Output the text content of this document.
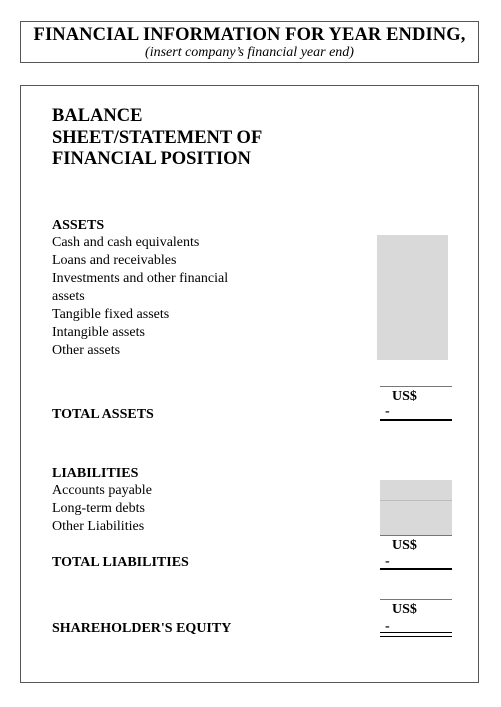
FINANCIAL INFORMATION FOR YEAR ENDING,
(insert company’s financial year end)
BALANCE SHEET/STATEMENT OF FINANCIAL POSITION
ASSETS
Cash and cash equivalents
Loans and receivables
Investments and other financial assets
Tangible fixed assets
Intangible assets
Other assets
US$
-
TOTAL ASSETS
LIABILITIES
Accounts payable
Long-term debts
Other Liabilities
US$
-
TOTAL LIABILITIES
US$
-
SHAREHOLDER'S EQUITY
